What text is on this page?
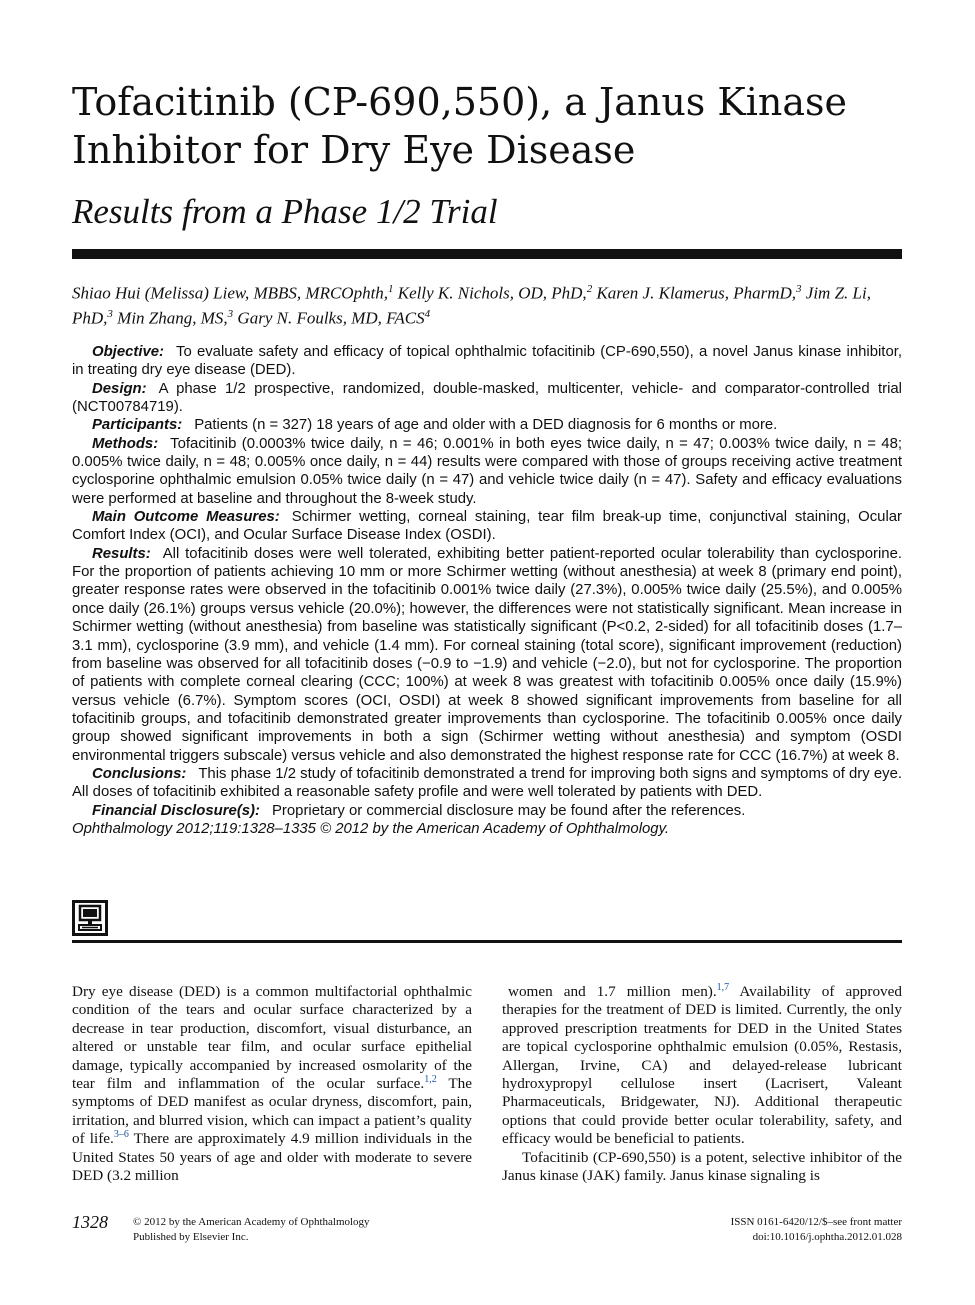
Tofacitinib (CP-690,550), a Janus Kinase Inhibitor for Dry Eye Disease
Results from a Phase 1/2 Trial
Shiao Hui (Melissa) Liew, MBBS, MRCOphth,$^1$ Kelly K. Nichols, OD, PhD,$^2$ Karen J. Klamerus, PharmD,$^3$ Jim Z. Li, PhD,$^3$ Min Zhang, MS,$^3$ Gary N. Foulks, MD, FACS$^4$

Objective: To evaluate safety and efficacy of topical ophthalmic tofacitinib (CP-690,550), a novel Janus kinase inhibitor, in treating dry eye disease (DED).

Design: A phase 1/2 prospective, randomized, double-masked, multicenter, vehicle- and comparator-controlled trial (NCT00784719).

Participants: Patients (n = 327) 18 years of age and older with a DED diagnosis for 6 months or more.

Methods: Tofacitinib (0.0003% twice daily, n = 46; 0.001% in both eyes twice daily, n = 47; 0.003% twice daily, n = 48; 0.005% twice daily, n = 48; 0.005% once daily, n = 44) results were compared with those of groups receiving active treatment cyclosporine ophthalmic emulsion 0.05% twice daily (n = 47) and vehicle twice daily (n = 47). Safety and efficacy evaluations were performed at baseline and throughout the 8-week study.

Main Outcome Measures: Schirmer wetting, corneal staining, tear film break-up time, conjunctival staining, Ocular Comfort Index (OCI), and Ocular Surface Disease Index (OSDI).

Results: All tofacitinib doses were well tolerated, exhibiting better patient-reported ocular tolerability than cyclosporine. For the proportion of patients achieving 10 mm or more Schirmer wetting (without anesthesia) at week 8 (primary end point), greater response rates were observed in the tofacitinib 0.001% twice daily (27.3%), 0.005% twice daily (25.5%), and 0.005% once daily (26.1%) groups versus vehicle (20.0%); however, the differences were not statistically significant. Mean increase in Schirmer wetting (without anesthesia) from baseline was statistically significant (P<0.2, 2-sided) for all tofacitinib doses (1.7–3.1 mm), cyclosporine (3.9 mm), and vehicle (1.4 mm). For corneal staining (total score), significant improvement (reduction) from baseline was observed for all tofacitinib doses (−0.9 to −1.9) and vehicle (−2.0), but not for cyclosporine. The proportion of patients with complete corneal clearing (CCC; 100%) at week 8 was greatest with tofacitinib 0.005% once daily (15.9%) versus vehicle (6.7%). Symptom scores (OCI, OSDI) at week 8 showed significant improvements from baseline for all tofacitinib groups, and tofacitinib demonstrated greater improvements than cyclosporine. The tofacitinib 0.005% once daily group showed significant improvements in both a sign (Schirmer wetting without anesthesia) and symptom (OSDI environmental triggers subscale) versus vehicle and also demonstrated the highest response rate for CCC (16.7%) at week 8.

Conclusions: This phase 1/2 study of tofacitinib demonstrated a trend for improving both signs and symptoms of dry eye. All doses of tofacitinib exhibited a reasonable safety profile and were well tolerated by patients with DED.

Financial Disclosure(s): Proprietary or commercial disclosure may be found after the references.

Ophthalmology 2012;119:1328–1335 © 2012 by the American Academy of Ophthalmology.

Dry eye disease (DED) is a common multifactorial ophthalmic condition of the tears and ocular surface characterized by a decrease in tear production, discomfort, visual disturbance, an altered or unstable tear film, and ocular surface epithelial damage, typically accompanied by increased osmolarity of the tear film and inflammation of the ocular surface.$^{1,2}$ The symptoms of DED manifest as ocular dryness, discomfort, pain, irritation, and blurred vision, which can impact a patient’s quality of life.$^{3-6}$ There are approximately 4.9 million individuals in the United States 50 years of age and older with moderate to severe DED (3.2 million

women and 1.7 million men).$^{1,7}$ Availability of approved therapies for the treatment of DED is limited. Currently, the only approved prescription treatments for DED in the United States are topical cyclosporine ophthalmic emulsion (0.05%, Restasis, Allergan, Irvine, CA) and delayed-release lubricant hydroxypropyl cellulose insert (Lacrisert, Valeant Pharmaceuticals, Bridgewater, NJ). Additional therapeutic options that could provide better ocular tolerability, safety, and efficacy would be beneficial to patients.

Tofacitinib (CP-690,550) is a potent, selective inhibitor of the Janus kinase (JAK) family. Janus kinase signaling is

1328 © 2012 by the American Academy of Ophthalmology
Published by Elsevier Inc.
ISSN 0161-6420/12/$–see front matter
doi:10.1016/j.ophtha.2012.01.028
